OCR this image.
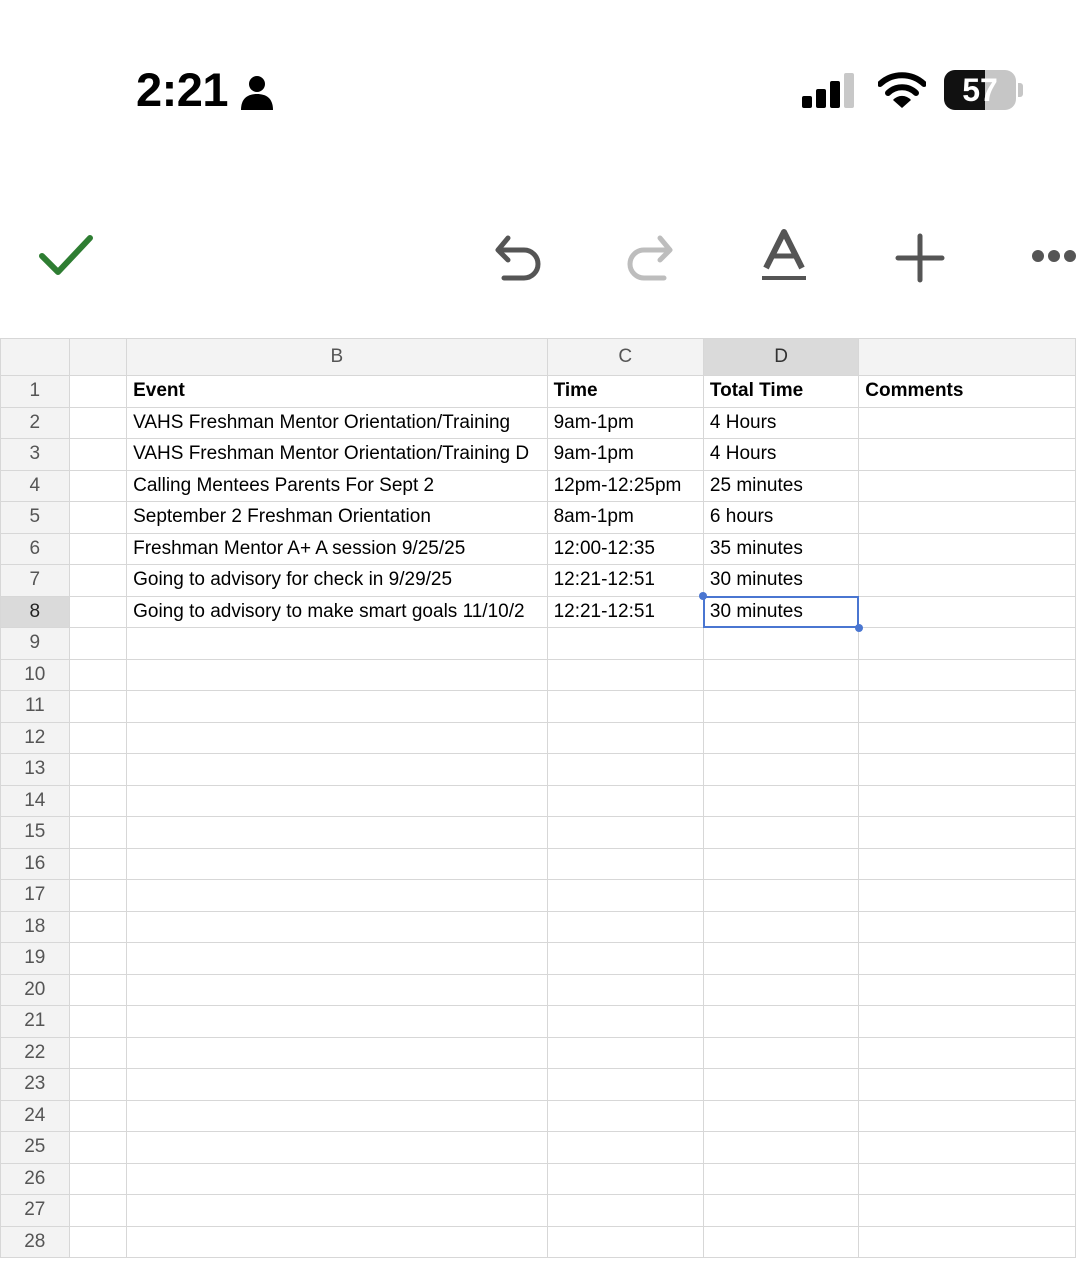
2:21	57
		B	C	D	
1		Event	Time	Total Time	Comments
2		VAHS Freshman Mentor Orientation/Training	9am-1pm	4 Hours	
3		VAHS Freshman Mentor Orientation/Training D	9am-1pm	4 Hours	
4		Calling Mentees Parents For Sept 2	12pm-12:25pm	25 minutes	
5		September 2 Freshman Orientation	8am-1pm	6 hours	
6		Freshman Mentor A+ A session 9/25/25	12:00-12:35	35 minutes	
7		Going to advisory for check in 9/29/25	12:21-12:51	30 minutes	
8		Going to advisory to make smart goals 11/10/2	12:21-12:51	30 minutes	
9					
10					
11					
12					
13					
14					
15					
16					
17					
18					
19					
20					
21					
22					
23					
24					
25					
26					
27					
28					
